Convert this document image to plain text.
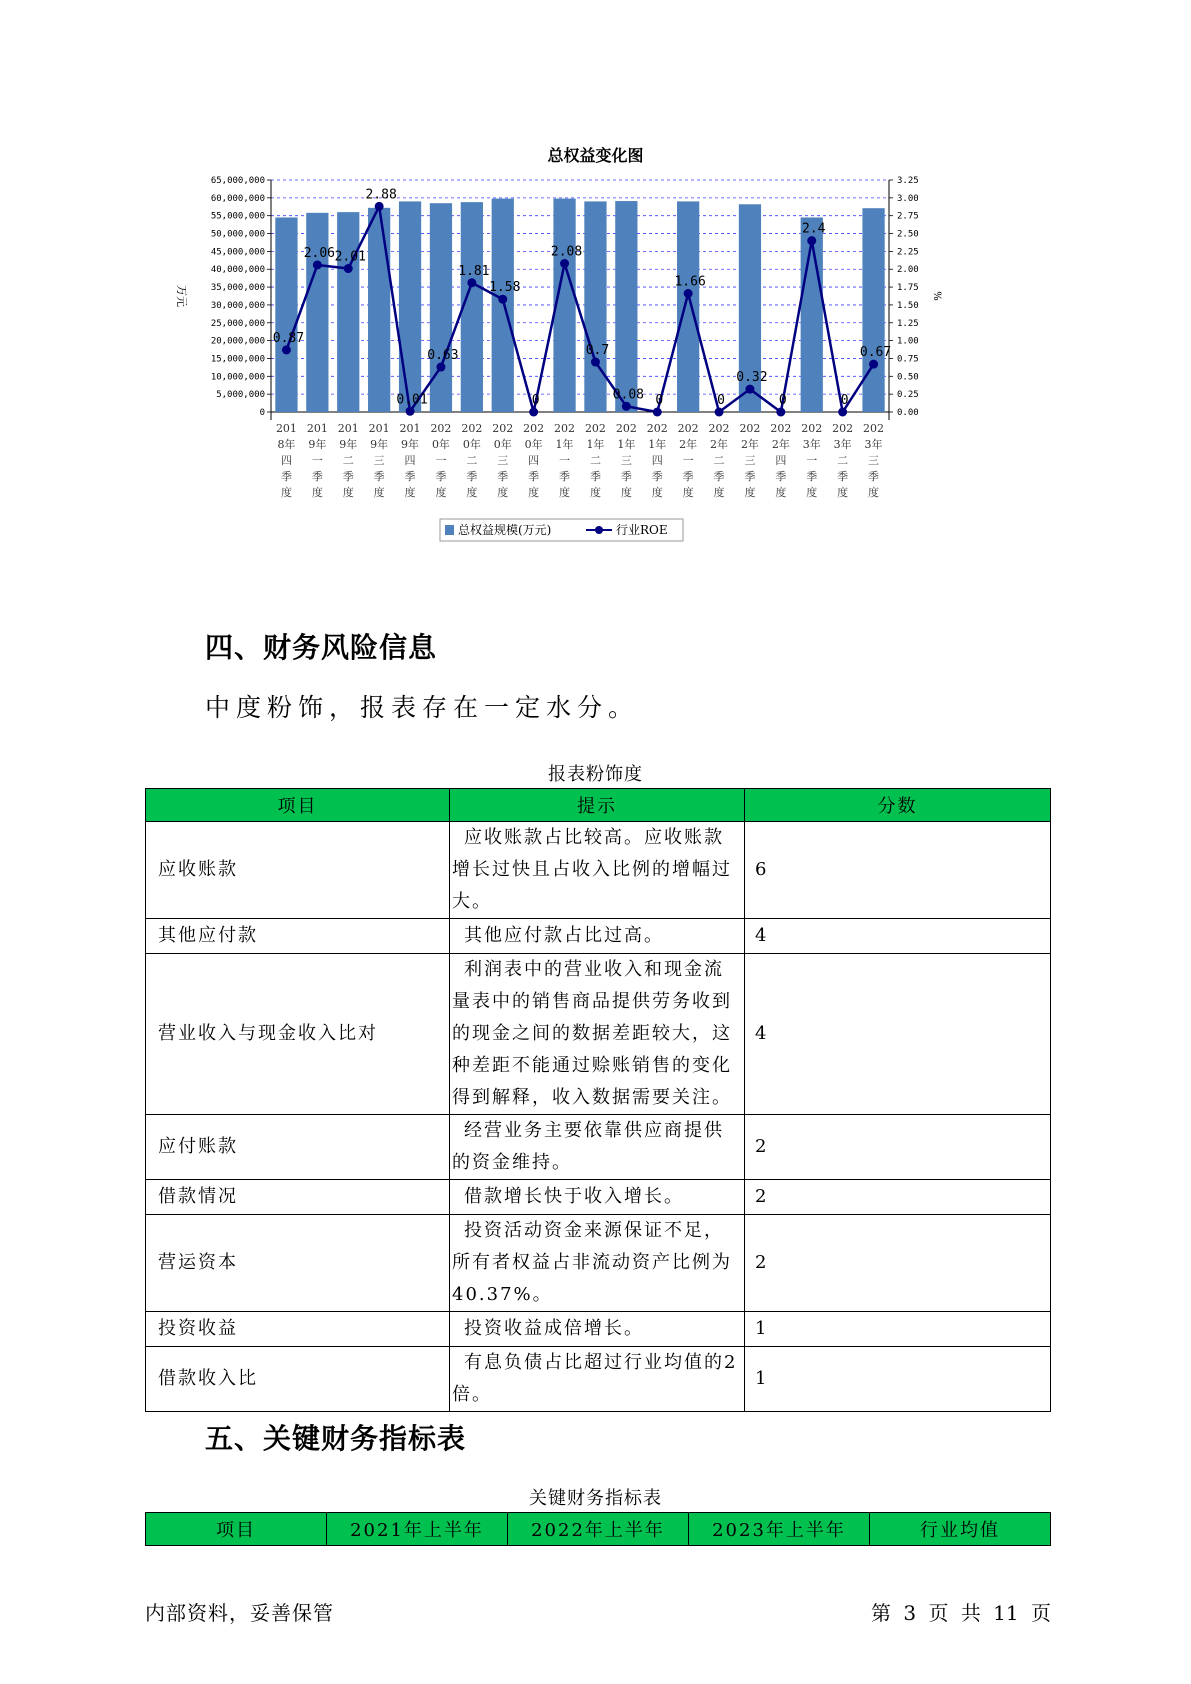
总权益变化图
0
5,000,000
10,000,000
15,000,000
20,000,000
25,000,000
30,000,000
35,000,000
40,000,000
45,000,000
50,000,000
55,000,000
60,000,000
65,000,000
0.00
0.25
0.50
0.75
1.00
1.25
1.50
1.75
2.00
2.25
2.50
2.75
3.00
3.25
万元	%
201
8年
四
季
度
201
9年
一
季
度
201
9年
二
季
度
201
9年
三
季
度
201
9年
四
季
度
202
0年
一
季
度
202
0年
二
季
度
202
0年
三
季
度
202
0年
四
季
度
202
1年
一
季
度
202
1年
二
季
度
202
1年
三
季
度
202
1年
四
季
度
202
2年
一
季
度
202
2年
二
季
度
202
2年
三
季
度
202
2年
四
季
度
202
3年
一
季
度
202
3年
二
季
度
202
3年
三
季
度
0.87
2.06 2.01
2.88
0.01
0.63
1.81
1.58
0
2.08
0.7
0.08 0
1.66
0
0.32
0
2.4
0
0.67
总权益规模(万元)	行业ROE
四、财务风险信息
中度粉饰，报表存在一定水分。
报表粉饰度
项目	提示	分数
应收账款	应收账款占比较高。应收账款增长过快且占收入比例的增幅过大。	6
其他应付款	其他应付款占比过高。	4
营业收入与现金收入比对	利润表中的营业收入和现金流量表中的销售商品提供劳务收到的现金之间的数据差距较大，这种差距不能通过赊账销售的变化得到解释，收入数据需要关注。	4
应付账款	经营业务主要依靠供应商提供的资金维持。	2
借款情况	借款增长快于收入增长。	2
营运资本	投资活动资金来源保证不足，所有者权益占非流动资产比例为40.37%。	2
投资收益	投资收益成倍增长。	1
借款收入比	有息负债占比超过行业均值的2倍。	1
五、关键财务指标表
关键财务指标表
项目	2021年上半年	2022年上半年	2023年上半年	行业均值
内部资料，妥善保管	第 3 页 共 11 页
